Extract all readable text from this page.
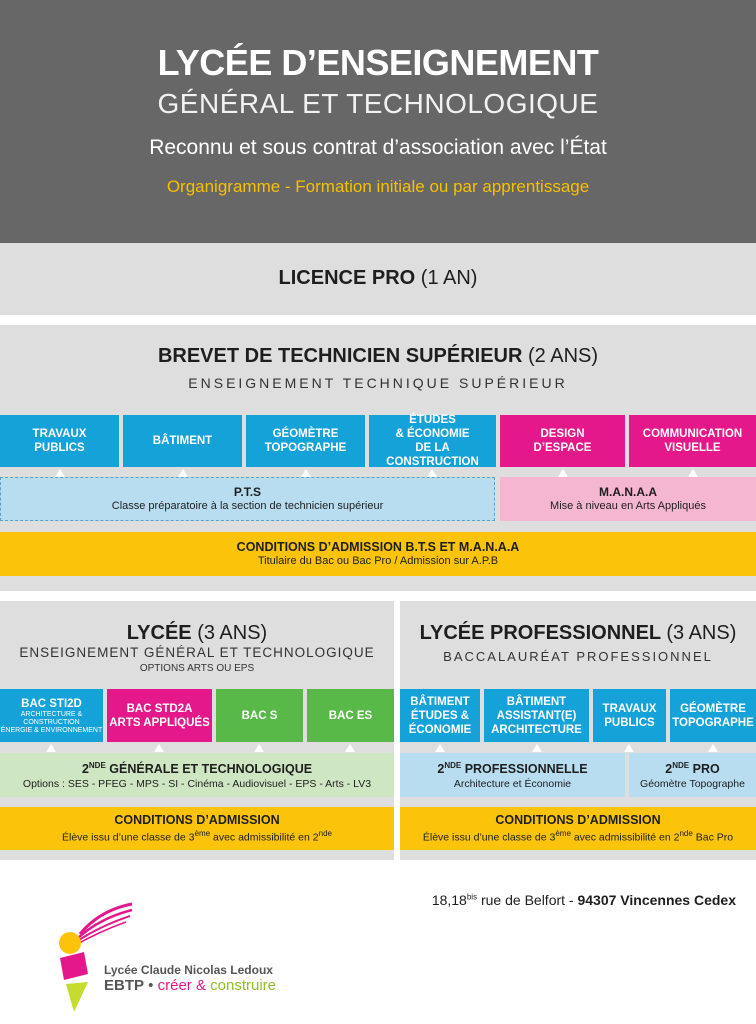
LYCÉE D’ENSEIGNEMENT
GÉNÉRAL ET TECHNOLOGIQUE
Reconnu et sous contrat d’association avec l’État
Organigramme - Formation initiale ou par apprentissage
LICENCE PRO (1 AN)
BREVET DE TECHNICIEN SUPÉRIEUR (2 ANS)
ENSEIGNEMENT TECHNIQUE SUPÉRIEUR
TRAVAUX
PUBLICS
BÂTIMENT
GÉOMÈTRE
TOPOGRAPHE
ÉTUDES
& ÉCONOMIE
DE LA CONSTRUCTION
DESIGN
D’ESPACE
COMMUNICATION
VISUELLE
P.T.S
Classe préparatoire à la section de technicien supérieur
M.A.N.A.A
Mise à niveau en Arts Appliqués
CONDITIONS D’ADMISSION B.T.S ET M.A.N.A.A
Titulaire du Bac ou Bac Pro / Admission sur A.P.B
LYCÉE (3 ANS)
ENSEIGNEMENT GÉNÉRAL ET TECHNOLOGIQUE
OPTIONS ARTS OU EPS
LYCÉE PROFESSIONNEL (3 ANS)
BACCALAURÉAT PROFESSIONNEL
BAC STI2D
ARCHITECTURE & CONSTRUCTION
ÉNERGIE & ENVIRONNEMENT
BAC STD2A
ARTS APPLIQUÉS
BAC S	BAC ES
BÂTIMENT
ÉTUDES &
ÉCONOMIE
BÂTIMENT
ASSISTANT(E)
ARCHITECTURE
TRAVAUX
PUBLICS
GÉOMÈTRE
TOPOGRAPHE
2NDE GÉNÉRALE ET TECHNOLOGIQUE
Options : SES - PFEG - MPS - SI - Cinéma - Audiovisuel - EPS - Arts - LV3
2NDE PROFESSIONNELLE
Architecture et Économie
2NDE PRO
Géomètre Topographe
CONDITIONS D’ADMISSION
Élève issu d’une classe de 3ème avec admissibilité en 2nde
CONDITIONS D’ADMISSION
Élève issu d’une classe de 3ème avec admissibilité en 2nde Bac Pro
$18,18^{bis}$ rue de Belfort - 94307 Vincennes Cedex
Lycée Claude Nicolas Ledoux
EBTP • créer & construire
